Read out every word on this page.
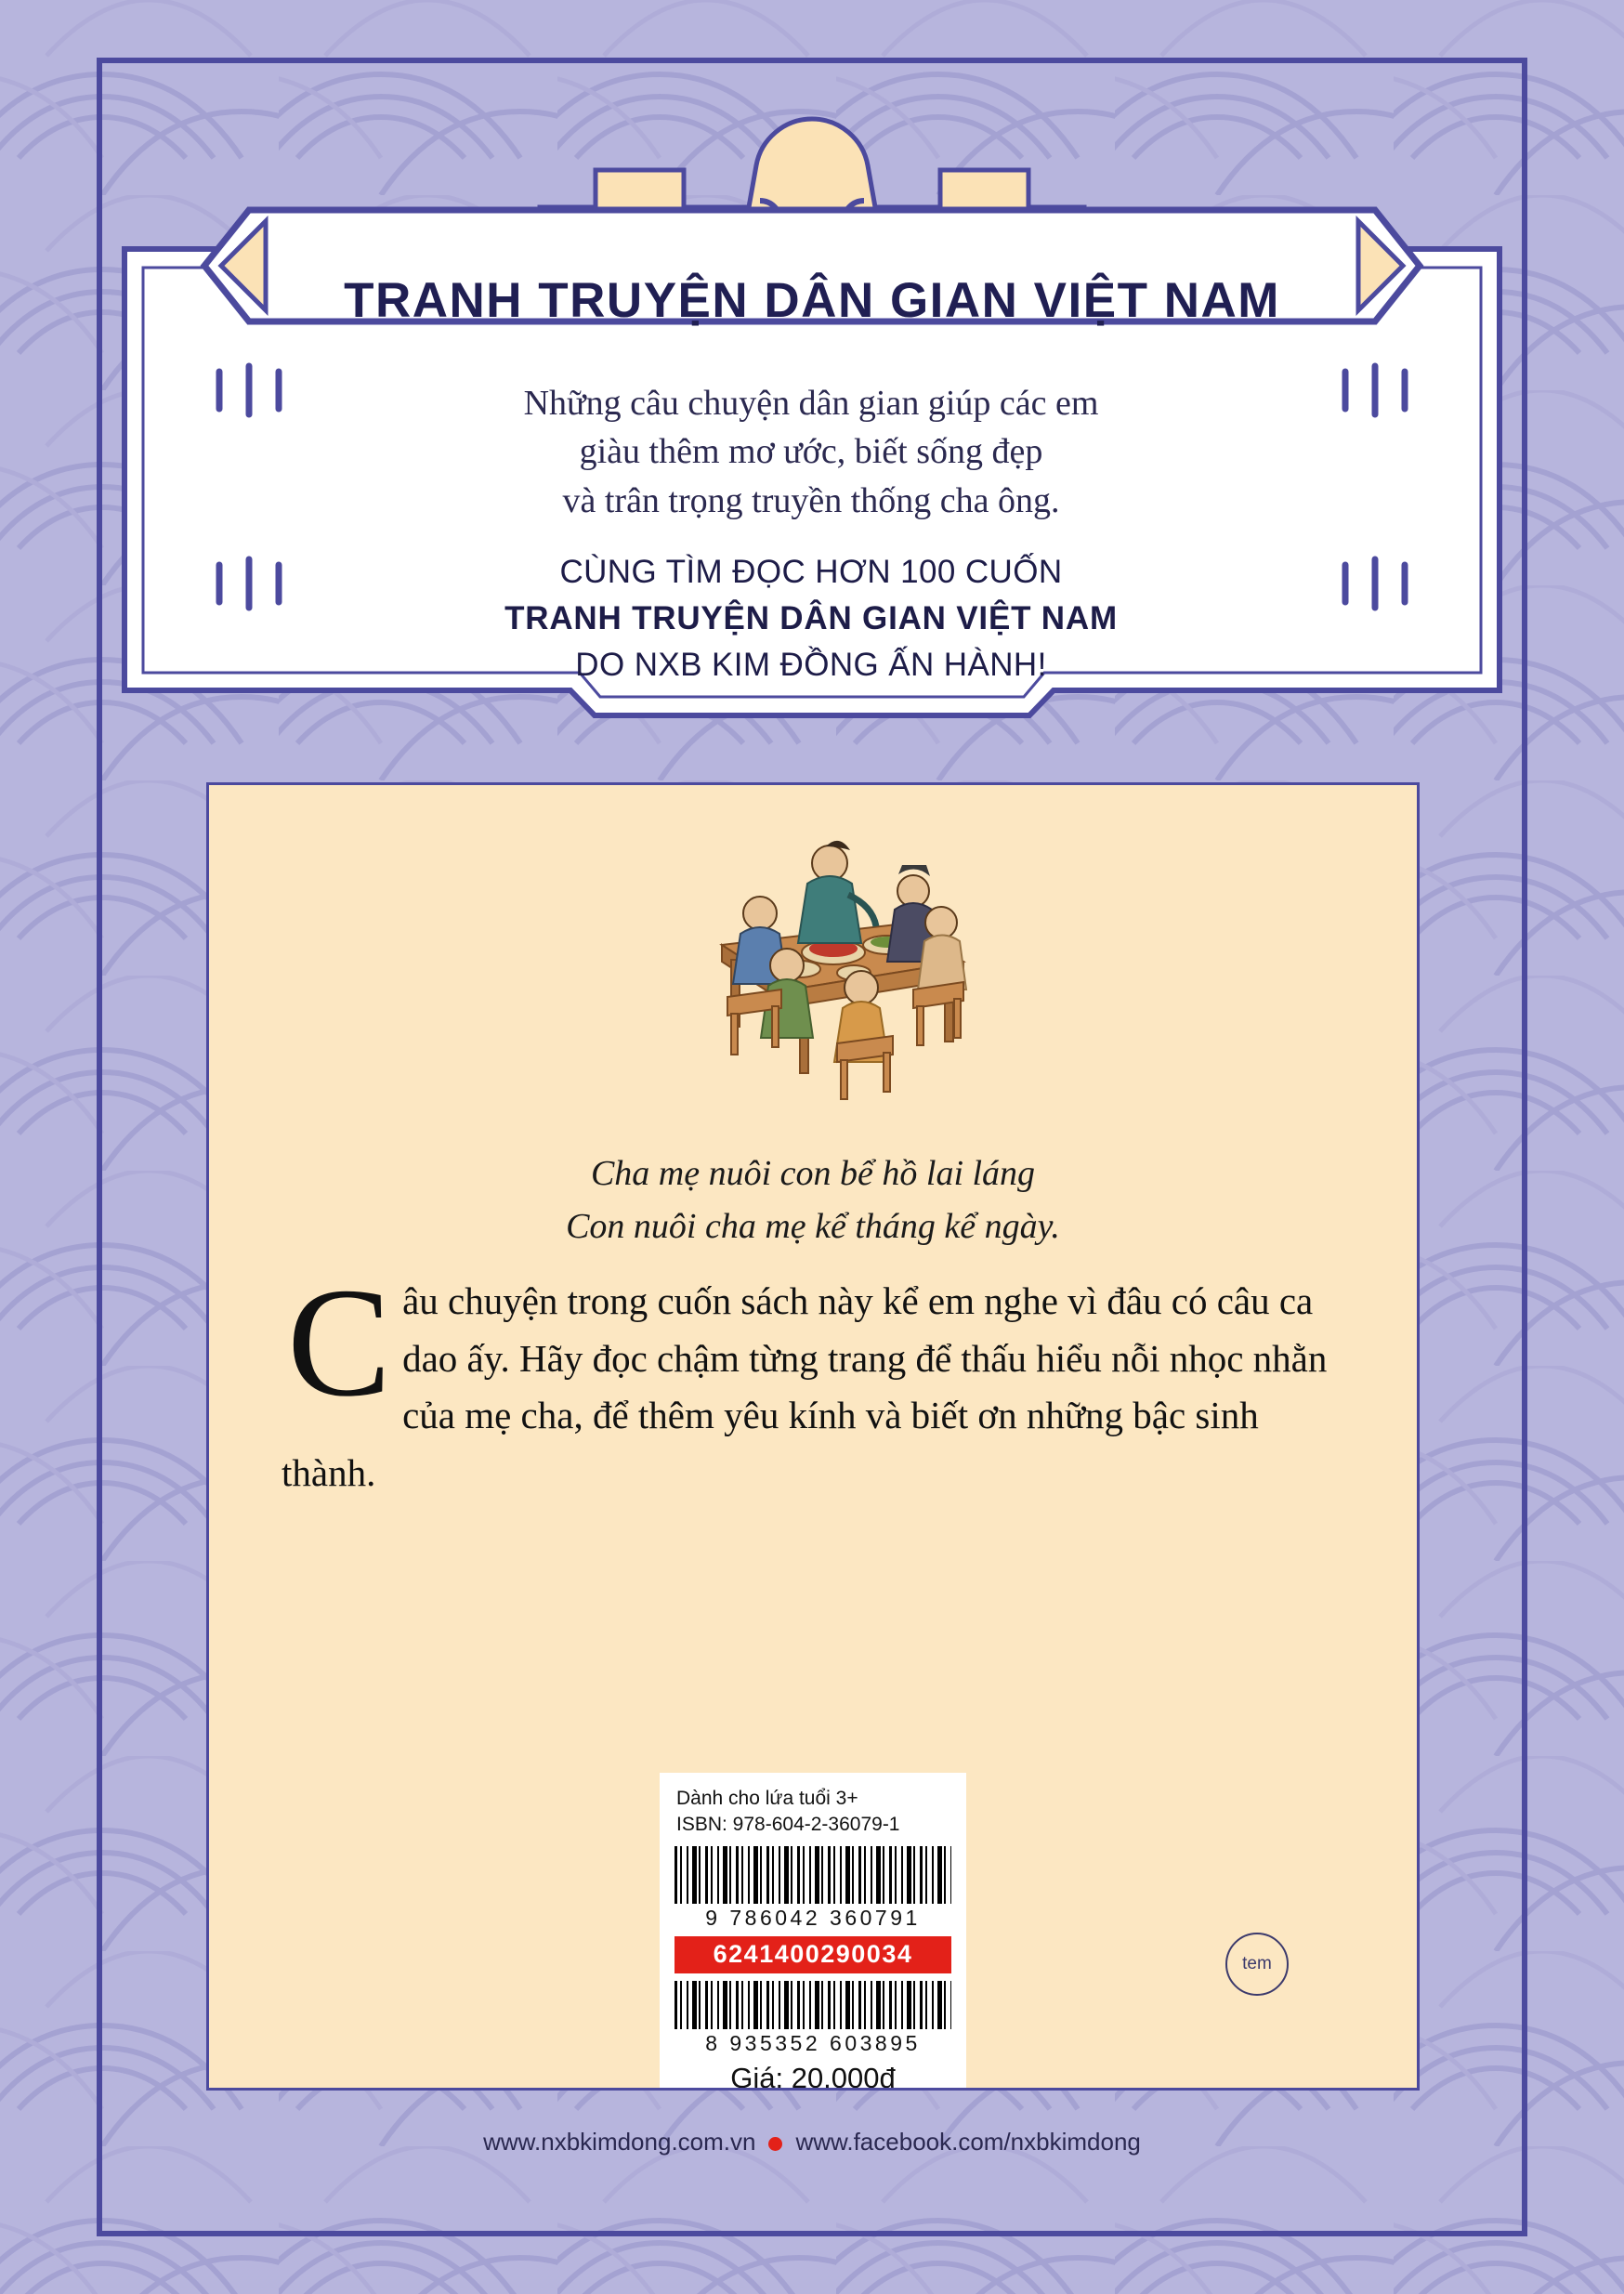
TRANH TRUYỆN DÂN GIAN VIỆT NAM
Những câu chuyện dân gian giúp các em
giàu thêm mơ ước, biết sống đẹp
và trân trọng truyền thống cha ông.
CÙNG TÌM ĐỌC HƠN 100 CUỐN
TRANH TRUYỆN DÂN GIAN VIỆT NAM
DO NXB KIM ĐỒNG ẤN HÀNH!
Cha mẹ nuôi con bể hồ lai láng
Con nuôi cha mẹ kể tháng kể ngày.
Câu chuyện trong cuốn sách này kể em nghe vì đâu có câu ca dao ấy. Hãy đọc chậm từng trang để thấu hiểu nỗi nhọc nhằn của mẹ cha, để thêm yêu kính và biết ơn những bậc sinh thành.
Dành cho lứa tuổi 3+
ISBN: 978-604-2-36079-1
9 786042 360791
6241400290034
8 935352 603895
Giá: 20.000đ
tem
www.nxbkimdong.com.vn www.facebook.com/nxbkimdong
